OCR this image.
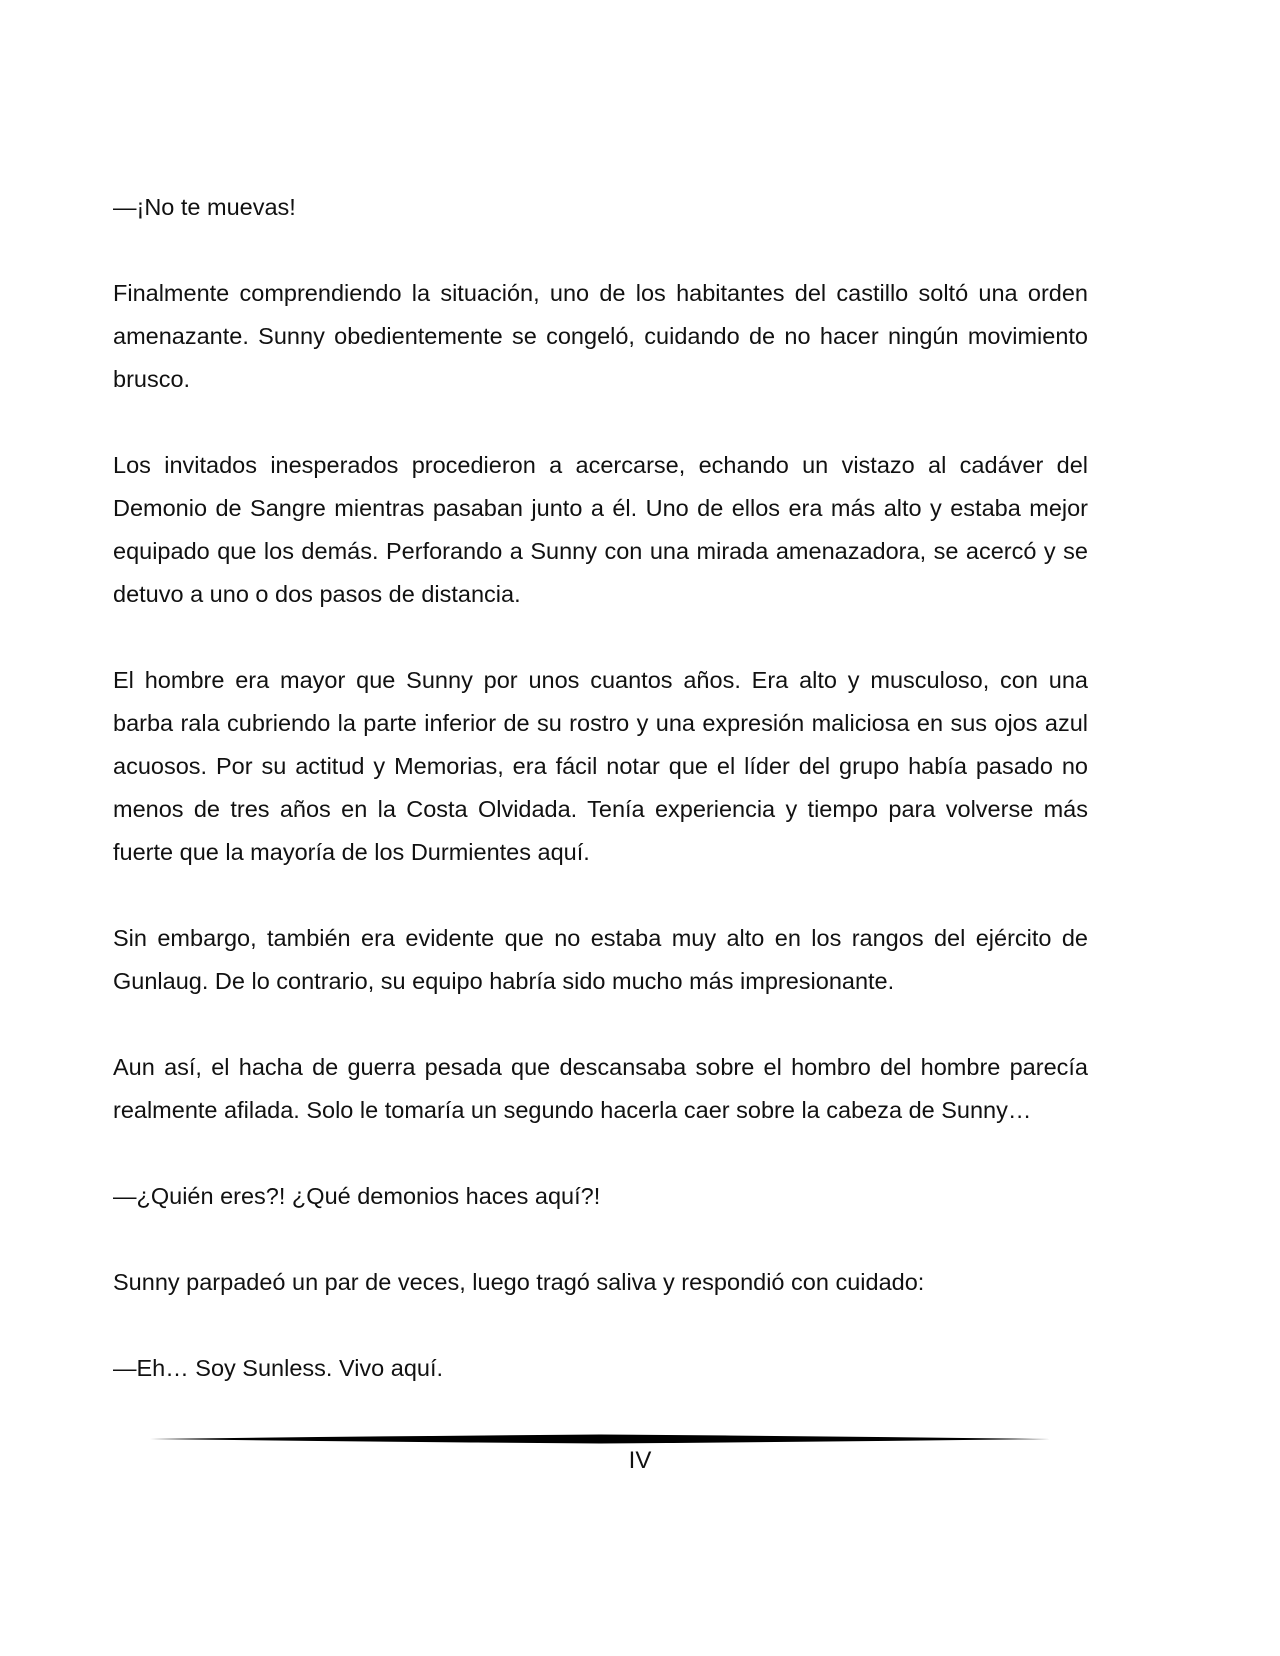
—¡No te muevas!

Finalmente comprendiendo la situación, uno de los habitantes del castillo soltó una orden amenazante. Sunny obedientemente se congeló, cuidando de no hacer ningún movimiento brusco.

Los invitados inesperados procedieron a acercarse, echando un vistazo al cadáver del Demonio de Sangre mientras pasaban junto a él. Uno de ellos era más alto y estaba mejor equipado que los demás. Perforando a Sunny con una mirada amenazadora, se acercó y se detuvo a uno o dos pasos de distancia.

El hombre era mayor que Sunny por unos cuantos años. Era alto y musculoso, con una barba rala cubriendo la parte inferior de su rostro y una expresión maliciosa en sus ojos azul acuosos. Por su actitud y Memorias, era fácil notar que el líder del grupo había pasado no menos de tres años en la Costa Olvidada. Tenía experiencia y tiempo para volverse más fuerte que la mayoría de los Durmientes aquí.

Sin embargo, también era evidente que no estaba muy alto en los rangos del ejército de Gunlaug. De lo contrario, su equipo habría sido mucho más impresionante.

Aun así, el hacha de guerra pesada que descansaba sobre el hombro del hombre parecía realmente afilada. Solo le tomaría un segundo hacerla caer sobre la cabeza de Sunny…

—¿Quién eres?! ¿Qué demonios haces aquí?!

Sunny parpadeó un par de veces, luego tragó saliva y respondió con cuidado:

—Eh… Soy Sunless. Vivo aquí.

IV
